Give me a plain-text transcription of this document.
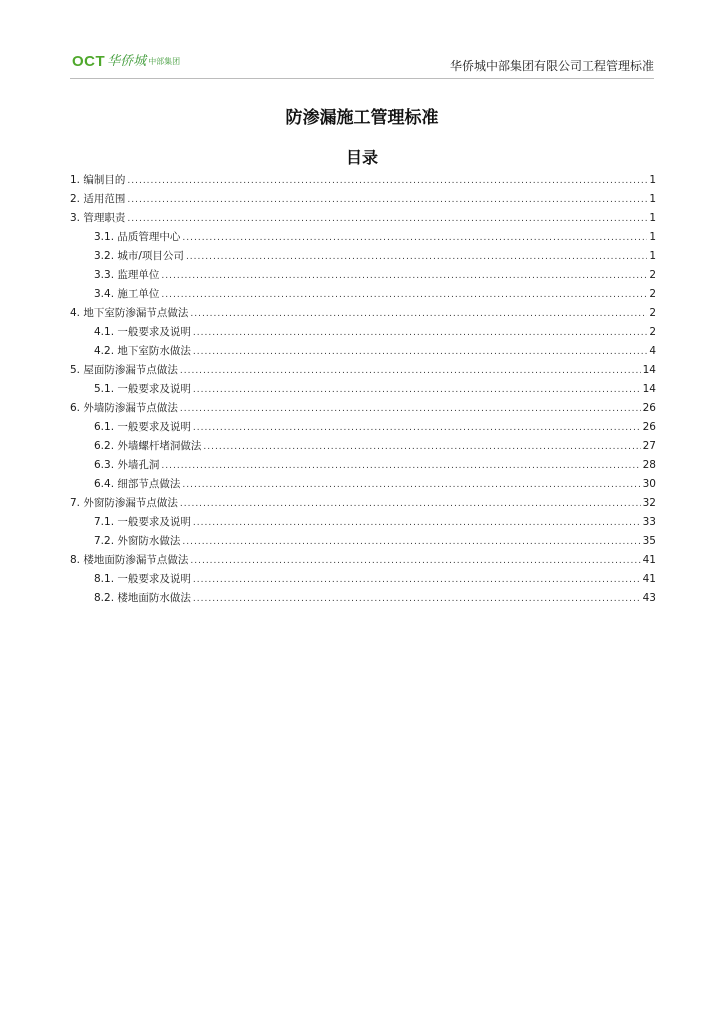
OCT 华侨城 中部集团	华侨城中部集团有限公司工程管理标准
防渗漏施工管理标准
目录
1. 编制目的 .....	1
2. 适用范围 .....	1
3. 管理职责 .....	1
3.1. 品质管理中心 .....	1
3.2. 城市/项目公司 .....	1
3.3. 监理单位 .....	2
3.4. 施工单位 .....	2
4. 地下室防渗漏节点做法 .....	2
4.1. 一般要求及说明 .....	2
4.2. 地下室防水做法 .....	4
5. 屋面防渗漏节点做法 .....	14
5.1. 一般要求及说明 .....	14
6. 外墙防渗漏节点做法 .....	26
6.1. 一般要求及说明 .....	26
6.2. 外墙螺杆堵洞做法 .....	27
6.3. 外墙孔洞 .....	28
6.4. 细部节点做法 .....	30
7. 外窗防渗漏节点做法 .....	32
7.1. 一般要求及说明 .....	33
7.2. 外窗防水做法 .....	35
8. 楼地面防渗漏节点做法 .....	41
8.1. 一般要求及说明 .....	41
8.2. 楼地面防水做法 .....	43
